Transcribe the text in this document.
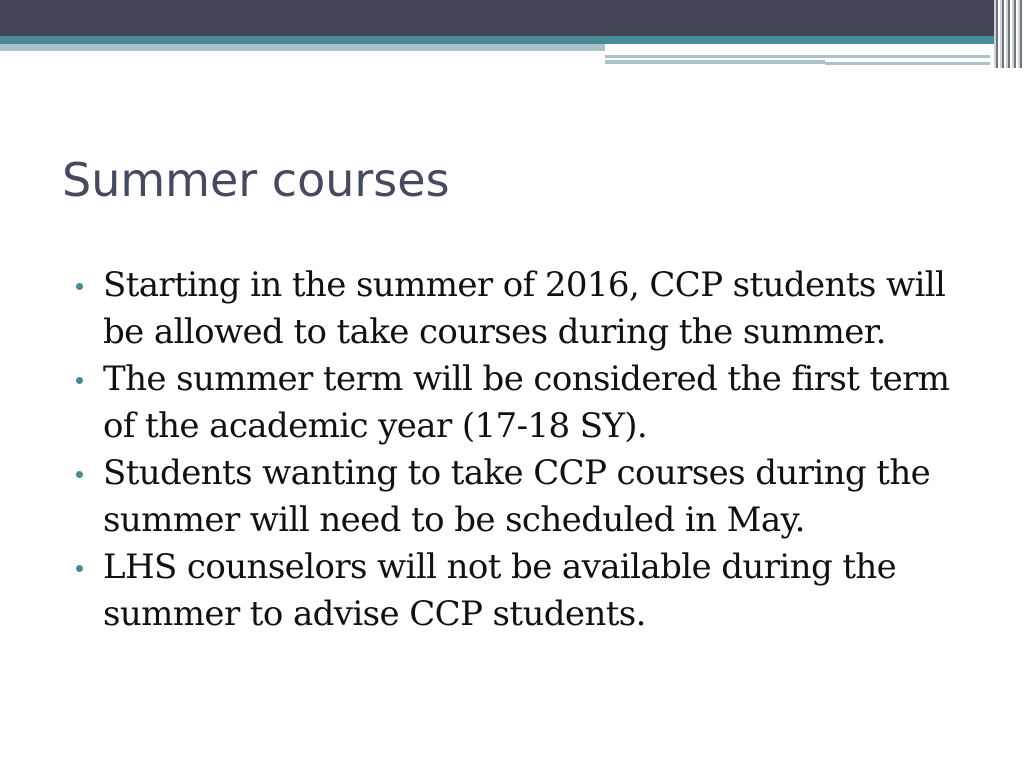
Summer courses
Starting in the summer of 2016, CCP students will be allowed to take courses during the summer.
The summer term will be considered the first term of the academic year (17-18 SY).
Students wanting to take CCP courses during the summer will need to be scheduled in May.
LHS counselors will not be available during the summer to advise CCP students.
